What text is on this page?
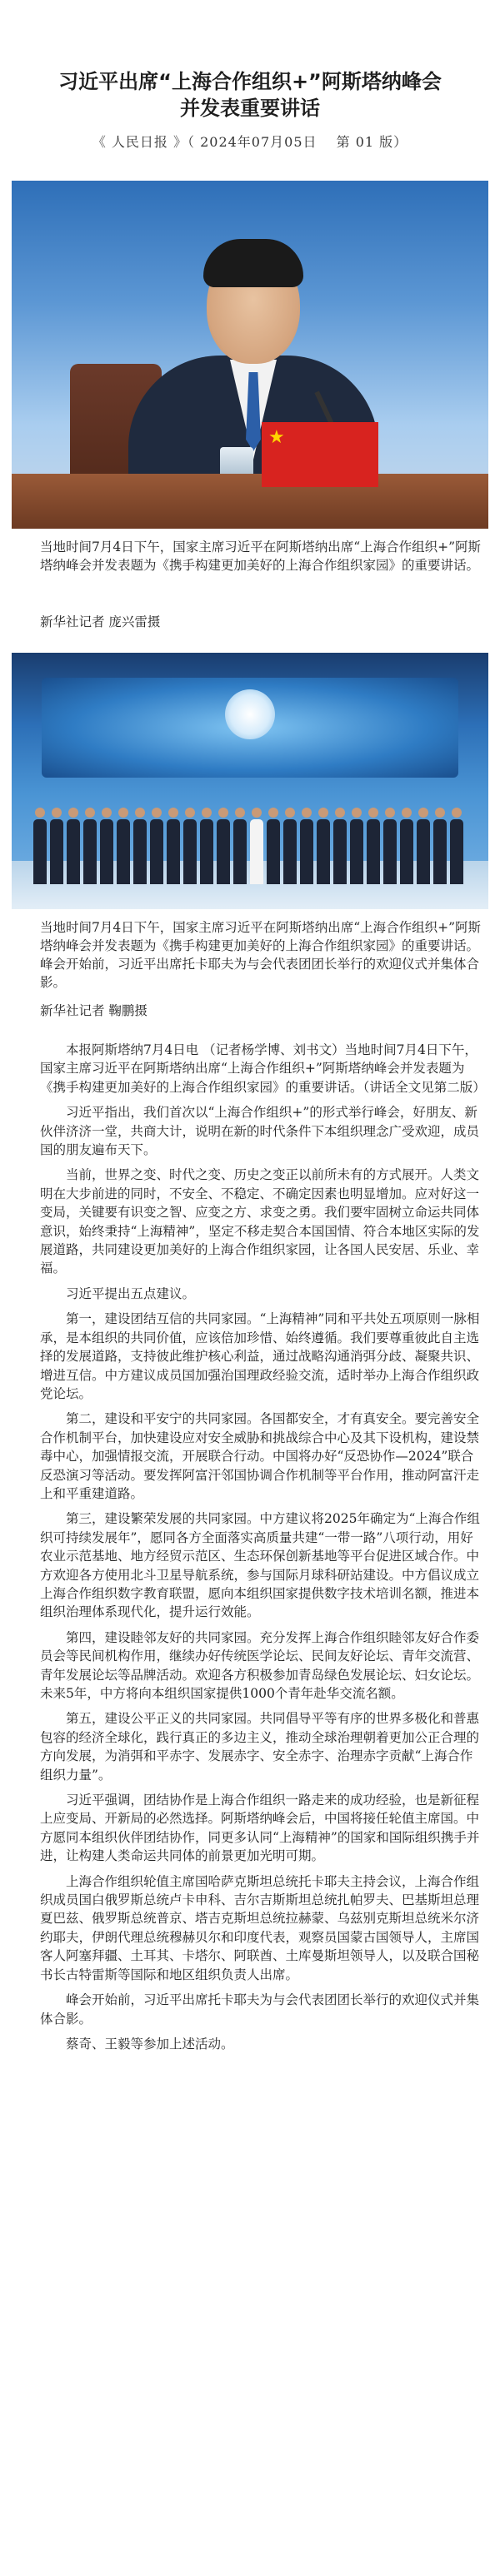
习近平出席“上海合作组织+”阿斯塔纳峰会
并发表重要讲话
《 人民日报 》（ 2024年07月05日　 第 01 版）
★
当地时间7月4日下午，国家主席习近平在阿斯塔纳出席“上海合作组织+”阿斯塔纳峰会并发表题为《携手构建更加美好的上海合作组织家园》的重要讲话。
新华社记者 庞兴雷摄
当地时间7月4日下午，国家主席习近平在阿斯塔纳出席“上海合作组织+”阿斯塔纳峰会并发表题为《携手构建更加美好的上海合作组织家园》的重要讲话。峰会开始前，习近平出席托卡耶夫为与会代表团团长举行的欢迎仪式并集体合影。
新华社记者 鞠鹏摄

本报阿斯塔纳7月4日电 （记者杨学博、刘书文）当地时间7月4日下午，国家主席习近平在阿斯塔纳出席“上海合作组织+”阿斯塔纳峰会并发表题为《携手构建更加美好的上海合作组织家园》的重要讲话。（讲话全文见第二版）

习近平指出，我们首次以“上海合作组织+”的形式举行峰会，好朋友、新伙伴济济一堂，共商大计，说明在新的时代条件下本组织理念广受欢迎，成员国的朋友遍布天下。

当前，世界之变、时代之变、历史之变正以前所未有的方式展开。人类文明在大步前进的同时，不安全、不稳定、不确定因素也明显增加。应对好这一变局，关键要有识变之智、应变之方、求变之勇。我们要牢固树立命运共同体意识，始终秉持“上海精神”，坚定不移走契合本国国情、符合本地区实际的发展道路，共同建设更加美好的上海合作组织家园，让各国人民安居、乐业、幸福。

习近平提出五点建议。

第一，建设团结互信的共同家园。“上海精神”同和平共处五项原则一脉相承，是本组织的共同价值，应该倍加珍惜、始终遵循。我们要尊重彼此自主选择的发展道路，支持彼此维护核心利益，通过战略沟通消弭分歧、凝聚共识、增进互信。中方建议成员国加强治国理政经验交流，适时举办上海合作组织政党论坛。

第二，建设和平安宁的共同家园。各国都安全，才有真安全。要完善安全合作机制平台，加快建设应对安全威胁和挑战综合中心及其下设机构，建设禁毒中心，加强情报交流，开展联合行动。中国将办好“反恐协作—2024”联合反恐演习等活动。要发挥阿富汗邻国协调合作机制等平台作用，推动阿富汗走上和平重建道路。

第三，建设繁荣发展的共同家园。中方建议将2025年确定为“上海合作组织可持续发展年”，愿同各方全面落实高质量共建“一带一路”八项行动，用好农业示范基地、地方经贸示范区、生态环保创新基地等平台促进区域合作。中方欢迎各方使用北斗卫星导航系统，参与国际月球科研站建设。中方倡议成立上海合作组织数字教育联盟，愿向本组织国家提供数字技术培训名额，推进本组织治理体系现代化，提升运行效能。

第四，建设睦邻友好的共同家园。充分发挥上海合作组织睦邻友好合作委员会等民间机构作用，继续办好传统医学论坛、民间友好论坛、青年交流营、青年发展论坛等品牌活动。欢迎各方积极参加青岛绿色发展论坛、妇女论坛。未来5年，中方将向本组织国家提供1000个青年赴华交流名额。

第五，建设公平正义的共同家园。共同倡导平等有序的世界多极化和普惠包容的经济全球化，践行真正的多边主义，推动全球治理朝着更加公正合理的方向发展，为消弭和平赤字、发展赤字、安全赤字、治理赤字贡献“上海合作组织力量”。

习近平强调，团结协作是上海合作组织一路走来的成功经验，也是新征程上应变局、开新局的必然选择。阿斯塔纳峰会后，中国将接任轮值主席国。中方愿同本组织伙伴团结协作，同更多认同“上海精神”的国家和国际组织携手并进，让构建人类命运共同体的前景更加光明可期。

上海合作组织轮值主席国哈萨克斯坦总统托卡耶夫主持会议，上海合作组织成员国白俄罗斯总统卢卡申科、吉尔吉斯斯坦总统扎帕罗夫、巴基斯坦总理夏巴兹、俄罗斯总统普京、塔吉克斯坦总统拉赫蒙、乌兹别克斯坦总统米尔济约耶夫，伊朗代理总统穆赫贝尔和印度代表，观察员国蒙古国领导人，主席国客人阿塞拜疆、土耳其、卡塔尔、阿联酋、土库曼斯坦领导人，以及联合国秘书长古特雷斯等国际和地区组织负责人出席。

峰会开始前，习近平出席托卡耶夫为与会代表团团长举行的欢迎仪式并集体合影。

蔡奇、王毅等参加上述活动。
